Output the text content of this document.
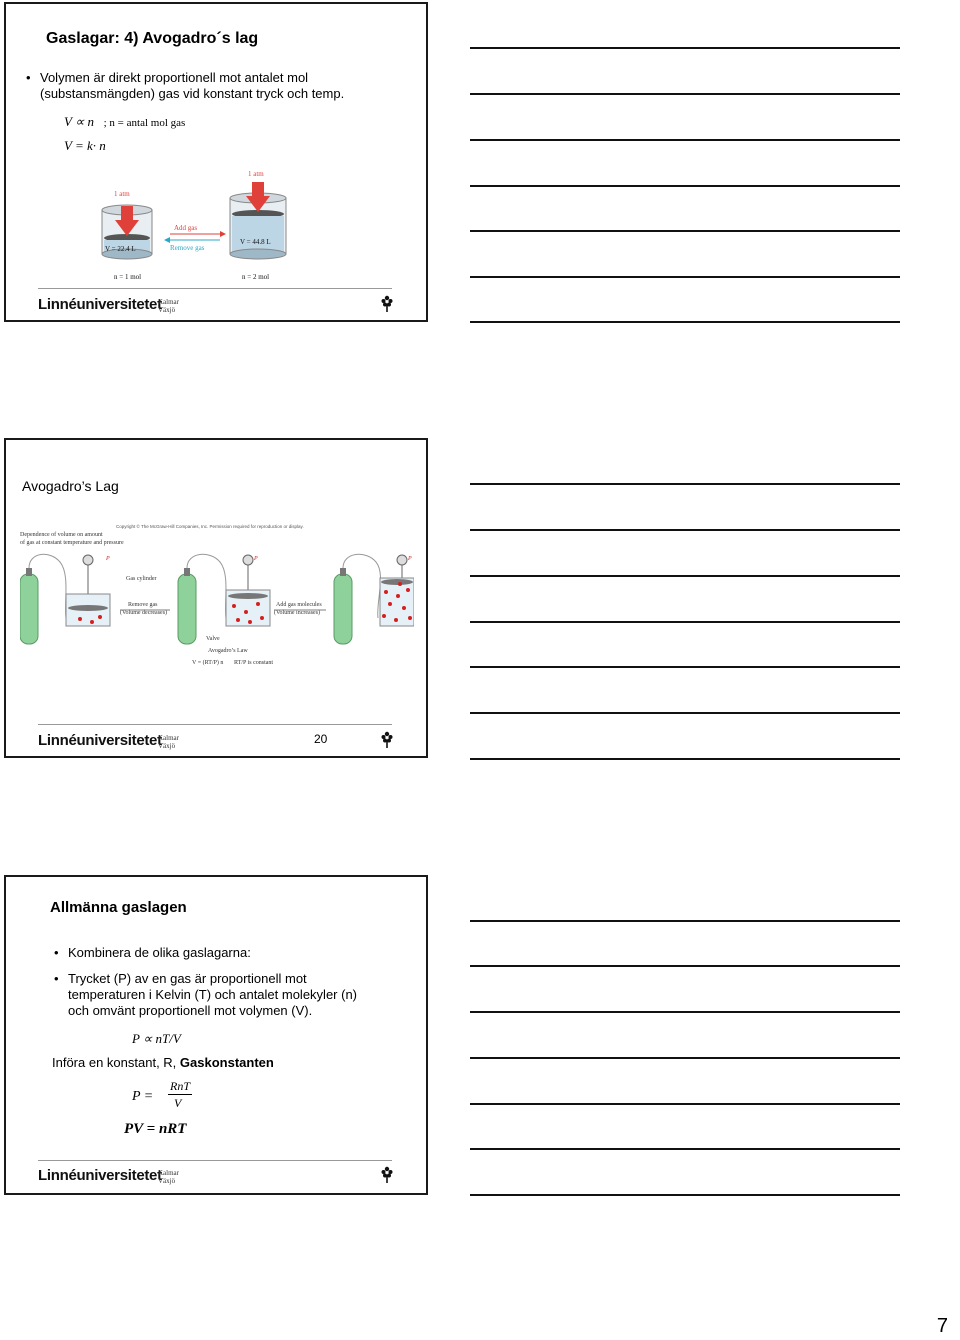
Gaslagar: 4) Avogadro´s lag
• Volymen är direkt proportionell mot antalet mol
(substansmängden) gas vid konstant tryck och temp.
V ∝ n ; n = antal mol gas
V = k· n
1 atm
V = 22.4 L
n = 1 mol
Add gas
Remove gas
1 atm
V = 44.8 L
n = 2 mol
Linnéuniversitetet
Kalmar
Växjö
Avogadro’s Lag
Dependence of volume on amount
of gas at constant temperature and pressure
Copyright © The McGraw-Hill Companies, Inc. Permission required for reproduction or display.
P
Gas cylinder
Remove gas
(Volume decreases)
P
Valve
Add gas molecules
(Volume increases)
P
Avogadro’s Law
V = (RT/P) n RT/P is constant
Linnéuniversitetet
Kalmar
Växjö	20
Allmänna gaslagen
• Kombinera de olika gaslagarna:
• Trycket (P) av en gas är proportionell mot
temperaturen i Kelvin (T) och antalet molekyler (n)
och omvänt proportionell mot volymen (V).
P ∝ nT/V
Införa en konstant, R, Gaskonstanten
P =
RnT
V
PV = nRT
Linnéuniversitetet
Kalmar
Växjö
7
